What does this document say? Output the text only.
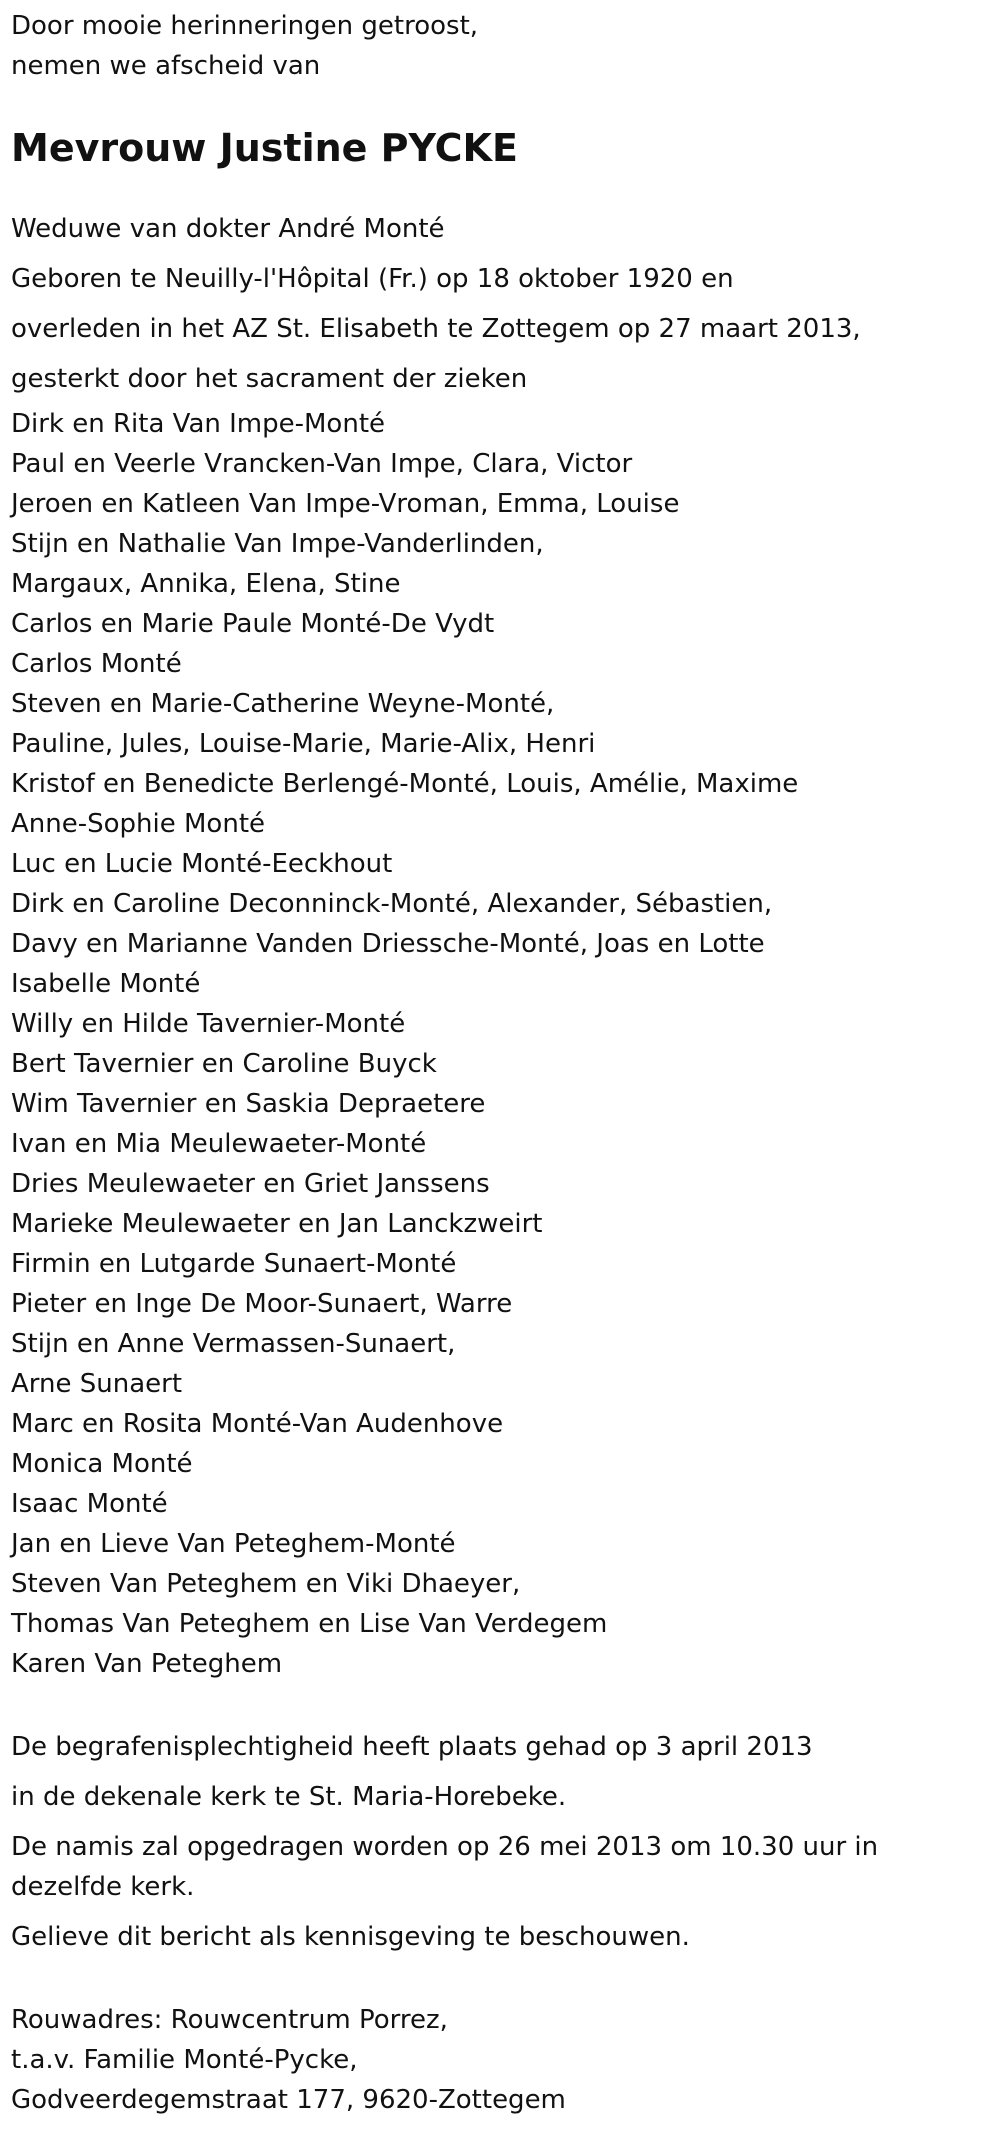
Door mooie herinneringen getroost,
nemen we afscheid van
Mevrouw Justine PYCKE
Weduwe van dokter André Monté
Geboren te Neuilly-l'Hôpital (Fr.) op 18 oktober 1920 en
overleden in het AZ St. Elisabeth te Zottegem op 27 maart 2013,
gesterkt door het sacrament der zieken
Dirk en Rita Van Impe-Monté
Paul en Veerle Vrancken-Van Impe, Clara, Victor
Jeroen en Katleen Van Impe-Vroman, Emma, Louise
Stijn en Nathalie Van Impe-Vanderlinden,
Margaux, Annika, Elena, Stine
Carlos en Marie Paule Monté-De Vydt
Carlos Monté
Steven en Marie-Catherine Weyne-Monté,
Pauline, Jules, Louise-Marie, Marie-Alix, Henri
Kristof en Benedicte Berlengé-Monté, Louis, Amélie, Maxime
Anne-Sophie Monté
Luc en Lucie Monté-Eeckhout
Dirk en Caroline Deconninck-Monté, Alexander, Sébastien,
Davy en Marianne Vanden Driessche-Monté, Joas en Lotte
Isabelle Monté
Willy en Hilde Tavernier-Monté
Bert Tavernier en Caroline Buyck
Wim Tavernier en Saskia Depraetere
Ivan en Mia Meulewaeter-Monté
Dries Meulewaeter en Griet Janssens
Marieke Meulewaeter en Jan Lanckzweirt
Firmin en Lutgarde Sunaert-Monté
Pieter en Inge De Moor-Sunaert, Warre
Stijn en Anne Vermassen-Sunaert,
Arne Sunaert
Marc en Rosita Monté-Van Audenhove
Monica Monté
Isaac Monté
Jan en Lieve Van Peteghem-Monté
Steven Van Peteghem en Viki Dhaeyer,
Thomas Van Peteghem en Lise Van Verdegem
Karen Van Peteghem
De begrafenisplechtigheid heeft plaats gehad op 3 april 2013
in de dekenale kerk te St. Maria-Horebeke.
De namis zal opgedragen worden op 26 mei 2013 om 10.30 uur in dezelfde kerk.
Gelieve dit bericht als kennisgeving te beschouwen.
Rouwadres: Rouwcentrum Porrez,
t.a.v. Familie Monté-Pycke,
Godveerdegemstraat 177, 9620-Zottegem
